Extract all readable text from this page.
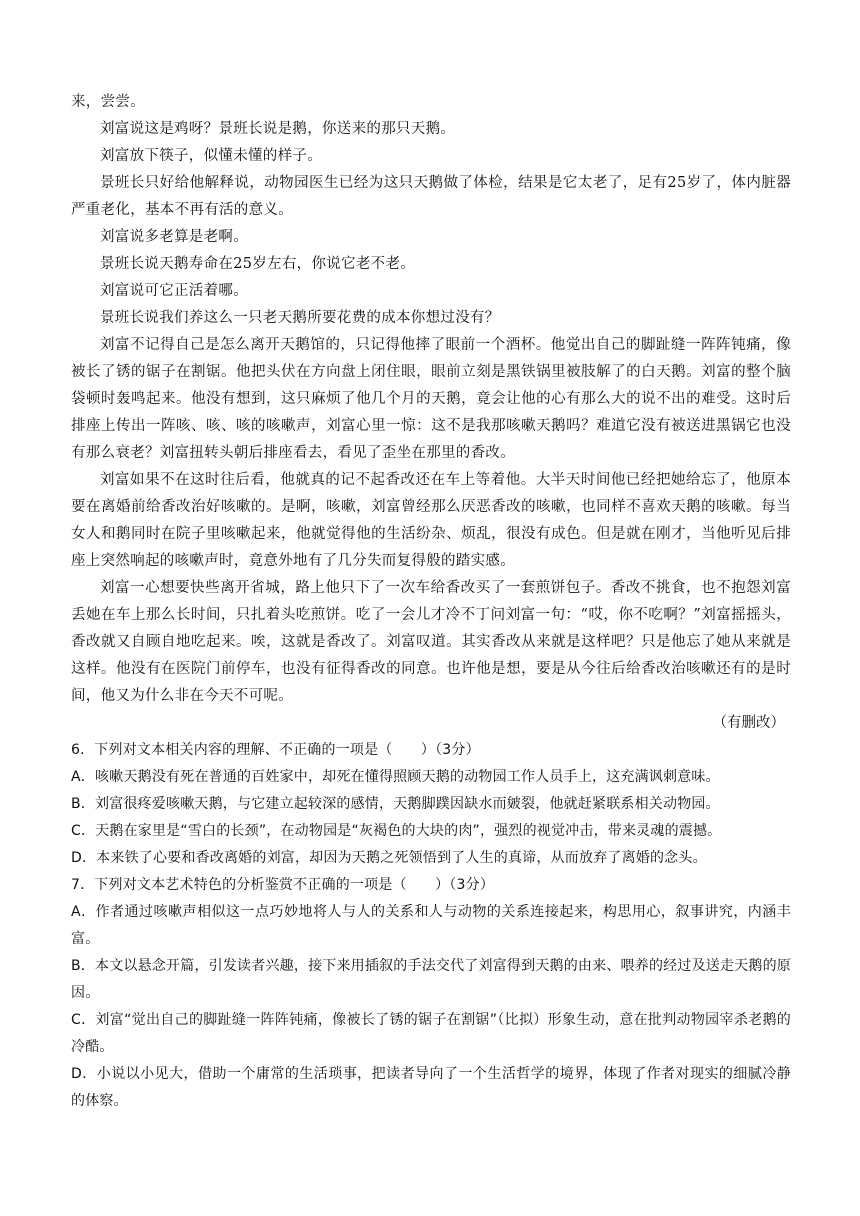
来，尝尝。

刘富说这是鸡呀？景班长说是鹅，你送来的那只天鹅。

刘富放下筷子，似懂未懂的样子。

景班长只好给他解释说，动物园医生已经为这只天鹅做了体检，结果是它太老了，足有25岁了，体内脏器严重老化，基本不再有活的意义。

刘富说多老算是老啊。

景班长说天鹅寿命在25岁左右，你说它老不老。

刘富说可它正活着哪。

景班长说我们养这么一只老天鹅所要花费的成本你想过没有？

刘富不记得自己是怎么离开天鹅馆的，只记得他摔了眼前一个酒杯。他觉出自己的脚趾缝一阵阵钝痛，像被长了锈的锯子在割锯。他把头伏在方向盘上闭住眼，眼前立刻是黑铁锅里被肢解了的白天鹅。刘富的整个脑袋顿时轰鸣起来。他没有想到，这只麻烦了他几个月的天鹅，竟会让他的心有那么大的说不出的难受。这时后排座上传出一阵咳、咳、咳的咳嗽声，刘富心里一惊：这不是我那咳嗽天鹅吗？难道它没有被送进黑锅它也没有那么衰老？刘富扭转头朝后排座看去，看见了歪坐在那里的香改。

刘富如果不在这时往后看，他就真的记不起香改还在车上等着他。大半天时间他已经把她给忘了，他原本要在离婚前给香改治好咳嗽的。是啊，咳嗽，刘富曾经那么厌恶香改的咳嗽，也同样不喜欢天鹅的咳嗽。每当女人和鹅同时在院子里咳嗽起来，他就觉得他的生活纷杂、烦乱，很没有成色。但是就在刚才，当他听见后排座上突然响起的咳嗽声时，竟意外地有了几分失而复得般的踏实感。

刘富一心想要快些离开省城，路上他只下了一次车给香改买了一套煎饼包子。香改不挑食，也不抱怨刘富丢她在车上那么长时间，只扎着头吃煎饼。吃了一会儿才冷不丁问刘富一句：“哎，你不吃啊？”刘富摇摇头，香改就又自顾自地吃起来。唉，这就是香改了。刘富叹道。其实香改从来就是这样吧？只是他忘了她从来就是这样。他没有在医院门前停车，也没有征得香改的同意。也许他是想，要是从今往后给香改治咳嗽还有的是时间，他又为什么非在今天不可呢。

（有删改）

6．下列对文本相关内容的理解、不正确的一项是（　　）（3分）

A．咳嗽天鹅没有死在普通的百姓家中，却死在懂得照顾天鹅的动物园工作人员手上，这充满讽刺意味。

B．刘富很疼爱咳嗽天鹅，与它建立起较深的感情，天鹅脚蹼因缺水而皴裂，他就赶紧联系相关动物园。

C．天鹅在家里是“雪白的长颈”，在动物园是“灰褐色的大块的肉”，强烈的视觉冲击，带来灵魂的震撼。

D．本来铁了心要和香改离婚的刘富，却因为天鹅之死领悟到了人生的真谛，从而放弃了离婚的念头。

7．下列对文本艺术特色的分析鉴赏不正确的一项是（　　）（3分）

A．作者通过咳嗽声相似这一点巧妙地将人与人的关系和人与动物的关系连接起来，构思用心，叙事讲究，内涵丰富。

B．本文以悬念开篇，引发读者兴趣，接下来用插叙的手法交代了刘富得到天鹅的由来、喂养的经过及送走天鹅的原因。

C．刘富“觉出自己的脚趾缝一阵阵钝痛，像被长了锈的锯子在割锯”（比拟）形象生动，意在批判动物园宰杀老鹅的冷酷。

D．小说以小见大，借助一个庸常的生活琐事，把读者导向了一个生活哲学的境界，体现了作者对现实的细腻冷静的体察。
